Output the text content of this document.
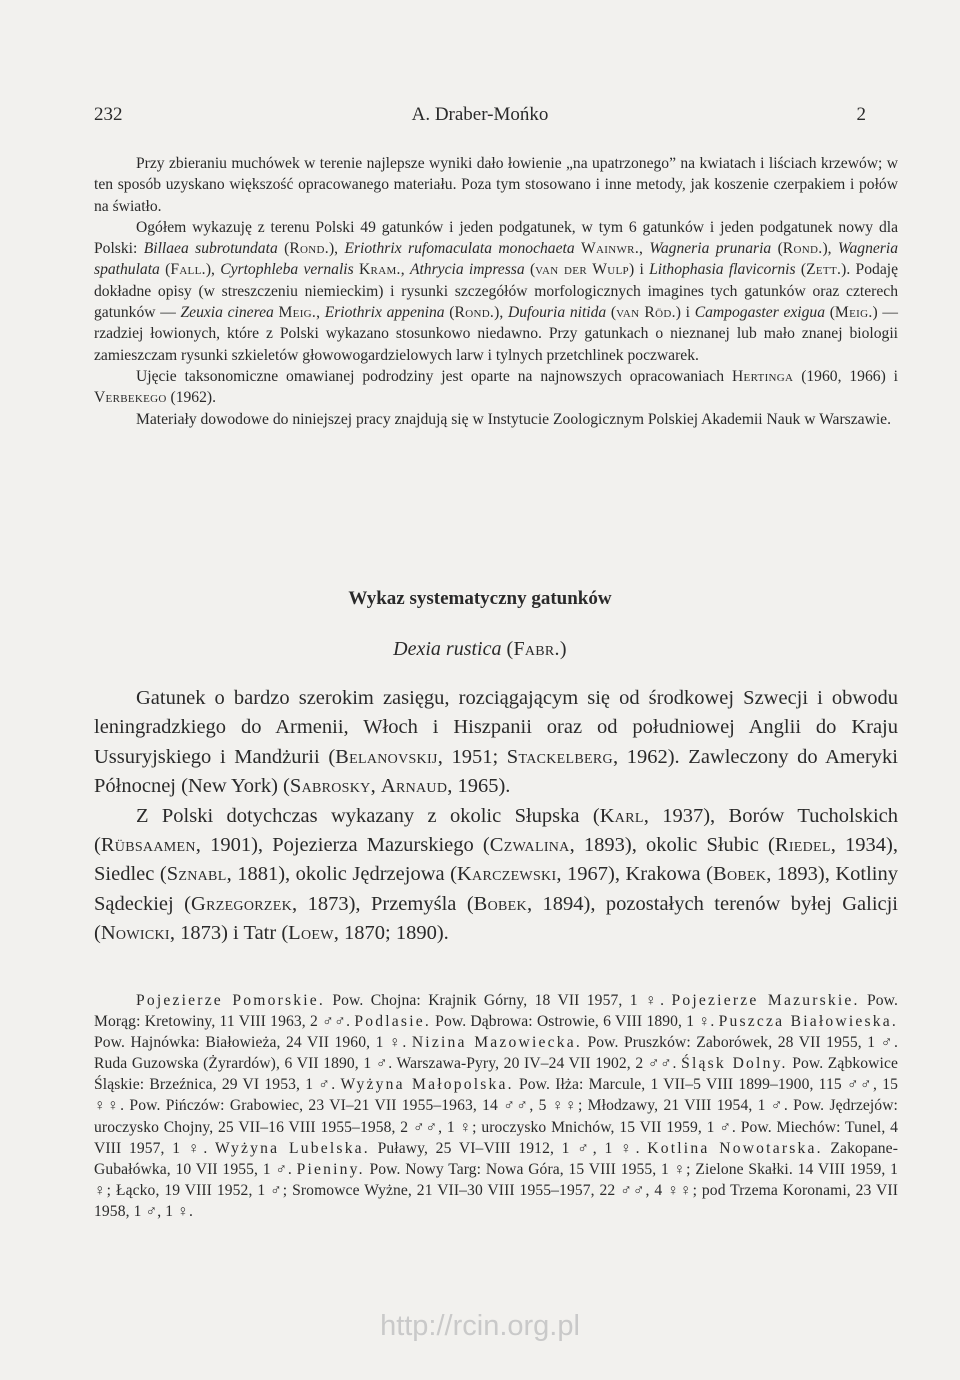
232	A. Draber-Mońko	2

Przy zbieraniu muchówek w terenie najlepsze wyniki dało łowienie „na upatrzonego” na kwiatach i liściach krzewów; w ten sposób uzyskano większość opracowanego materiału. Poza tym stosowano i inne metody, jak koszenie czerpakiem i połów na światło.

Ogółem wykazuję z terenu Polski 49 gatunków i jeden podgatunek, w tym 6 gatunków i jeden podgatunek nowy dla Polski: Billaea subrotundata (Rond.), Eriothrix rufomaculata monochaeta Wainwr., Wagneria prunaria (Rond.), Wagneria spathulata (Fall.), Cyrtophleba vernalis Kram., Athrycia impressa (van der Wulp) i Lithophasia flavicornis (Zett.). Podaję dokładne opisy (w streszczeniu niemieckim) i rysunki szczegółów morfologicznych imagines tych gatunków oraz czterech gatunków — Zeuxia cinerea Meig., Eriothrix appenina (Rond.), Dufouria nitida (van Röd.) i Campogaster exigua (Meig.) — rzadziej łowionych, które z Polski wykazano stosunkowo niedawno. Przy gatunkach o nieznanej lub mało znanej biologii zamieszczam rysunki szkieletów głowowogardzielowych larw i tylnych przetchlinek poczwarek.

Ujęcie taksonomiczne omawianej podrodziny jest oparte na najnowszych opracowaniach Hertinga (1960, 1966) i Verbekego (1962).

Materiały dowodowe do niniejszej pracy znajdują się w Instytucie Zoologicznym Polskiej Akademii Nauk w Warszawie.

Wykaz systematyczny gatunków
Dexia rustica (Fabr.)

Gatunek o bardzo szerokim zasięgu, rozciągającym się od środkowej Szwecji i obwodu leningradzkiego do Armenii, Włoch i Hiszpanii oraz od południowej Anglii do Kraju Ussuryjskiego i Mandżurii (Belanovskij, 1951; Stackelberg, 1962). Zawleczony do Ameryki Północnej (New York) (Sabrosky, Arnaud, 1965).

Z Polski dotychczas wykazany z okolic Słupska (Karl, 1937), Borów Tucholskich (Rübsaamen, 1901), Pojezierza Mazurskiego (Czwalina, 1893), okolic Słubic (Riedel, 1934), Siedlec (Sznabl, 1881), okolic Jędrzejowa (Karczewski, 1967), Krakowa (Bobek, 1893), Kotliny Sądeckiej (Grzegorzek, 1873), Przemyśla (Bobek, 1894), pozostałych terenów byłej Galicji (Nowicki, 1873) i Tatr (Loew, 1870; 1890).

Pojezierze Pomorskie. Pow. Chojna: Krajnik Górny, 18 VII 1957, 1 ♀. Pojezierze Mazurskie. Pow. Morąg: Kretowiny, 11 VIII 1963, 2 ♂♂. Podlasie. Pow. Dąbrowa: Ostrowie, 6 VIII 1890, 1 ♀. Puszcza Białowieska. Pow. Hajnówka: Białowieża, 24 VII 1960, 1 ♀. Nizina Mazowiecka. Pow. Pruszków: Zaborówek, 28 VII 1955, 1 ♂. Ruda Guzowska (Żyrardów), 6 VII 1890, 1 ♂. Warszawa-Pyry, 20 IV–24 VII 1902, 2 ♂♂. Śląsk Dolny. Pow. Ząbkowice Śląskie: Brzeźnica, 29 VI 1953, 1 ♂. Wyżyna Małopolska. Pow. Iłża: Marcule, 1 VII–5 VIII 1899–1900, 115 ♂♂, 15 ♀♀. Pow. Pińczów: Grabowiec, 23 VI–21 VII 1955–1963, 14 ♂♂, 5 ♀♀; Młodzawy, 21 VIII 1954, 1 ♂. Pow. Jędrzejów: uroczysko Chojny, 25 VII–16 VIII 1955–1958, 2 ♂♂, 1 ♀; uroczysko Mnichów, 15 VII 1959, 1 ♂. Pow. Miechów: Tunel, 4 VIII 1957, 1 ♀. Wyżyna Lubelska. Puławy, 25 VI–VIII 1912, 1 ♂, 1 ♀. Kotlina Nowotarska. Zakopane-Gubałówka, 10 VII 1955, 1 ♂. Pieniny. Pow. Nowy Targ: Nowa Góra, 15 VIII 1955, 1 ♀; Zielone Skałki. 14 VIII 1959, 1 ♀; Łącko, 19 VIII 1952, 1 ♂; Sromowce Wyżne, 21 VII–30 VIII 1955–1957, 22 ♂♂, 4 ♀♀; pod Trzema Koronami, 23 VII 1958, 1 ♂, 1 ♀.

http://rcin.org.pl
